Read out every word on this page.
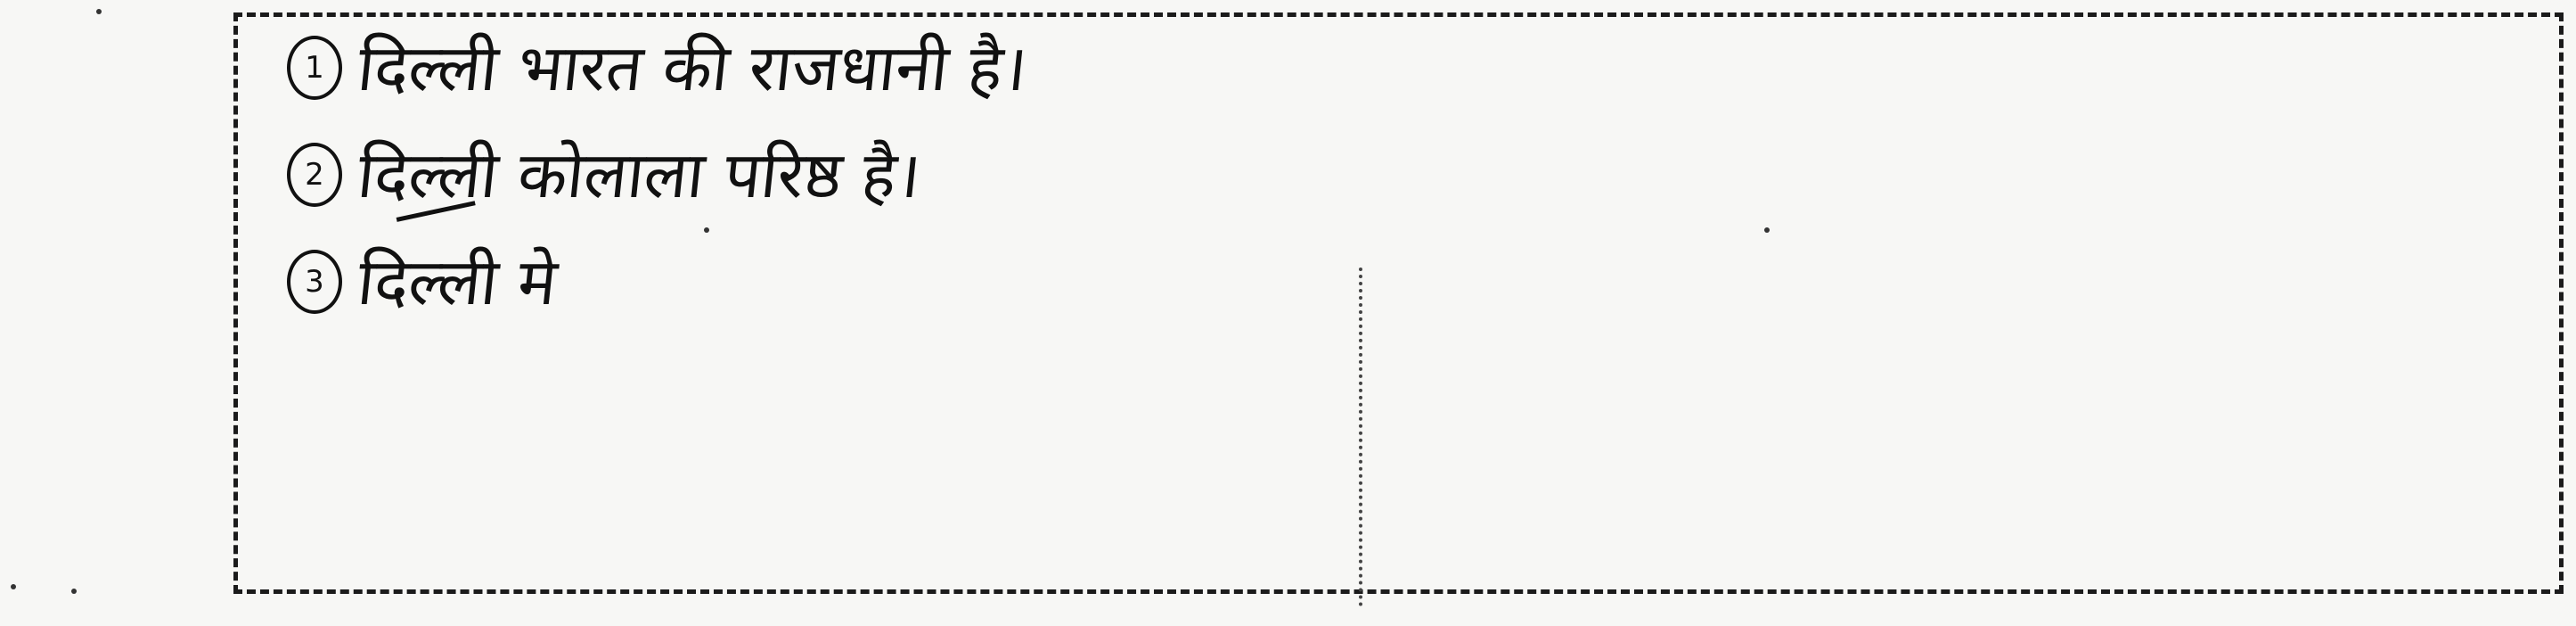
1 दिल्ली भारत की राजधानी है।
2 दिल्ली कोलाला परिष्ठ है।
3 दिल्ली मे
